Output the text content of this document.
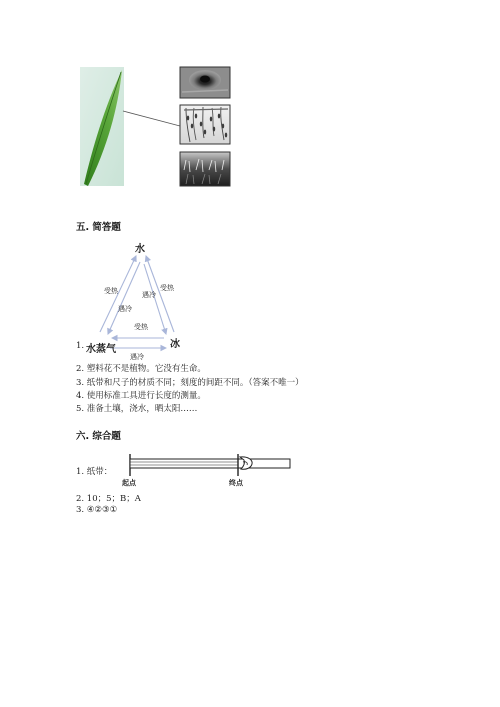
五. 简答题
水
水蒸气	冰
受热
遇冷
受热
遇冷
受热
遇冷
1.
2. 塑料花不是植物。它没有生命。
3. 纸带和尺子的材质不同；刻度的间距不同。（答案不唯一）
4. 使用标准工具进行长度的测量。
5. 准备土壤，浇水，晒太阳……
六. 综合题
1. 纸带：
起点	终点
2. 10；5；B；A
3. ④②③①
